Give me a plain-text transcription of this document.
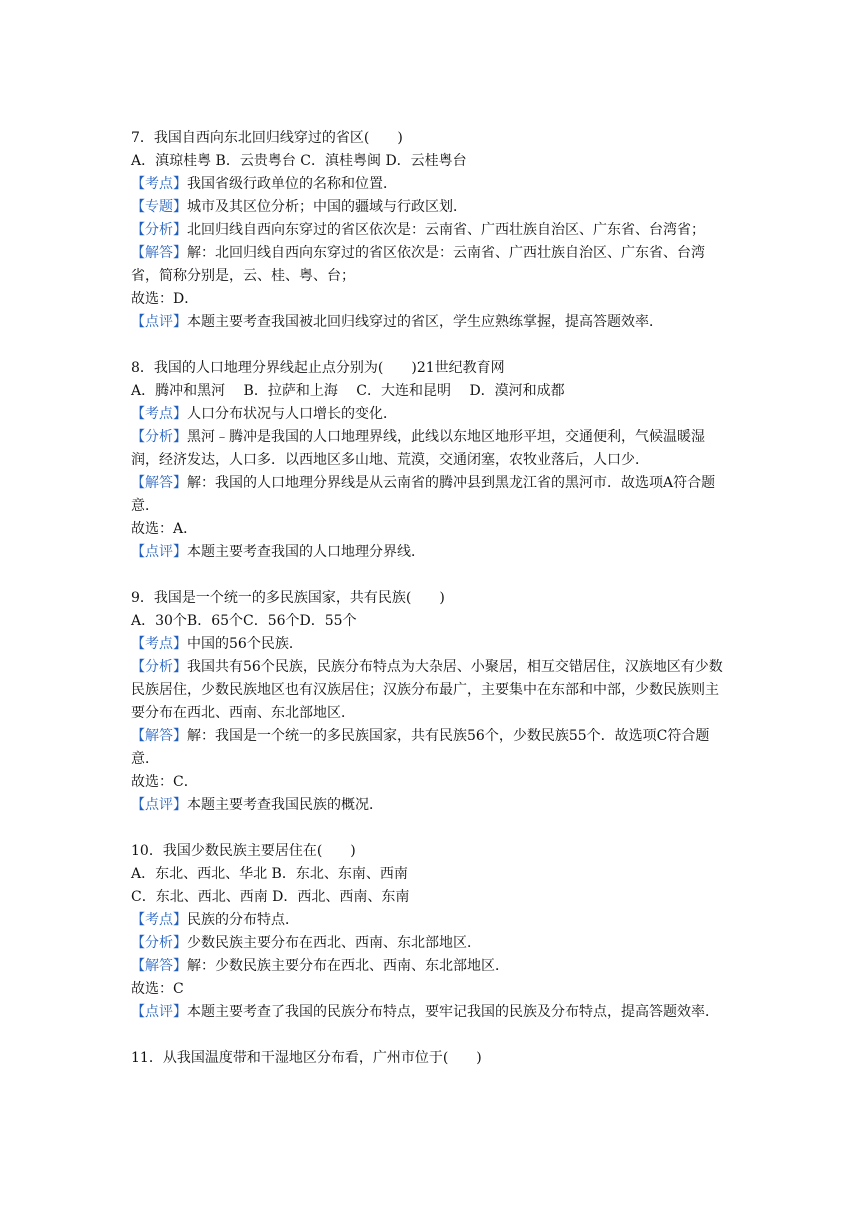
7．我国自西向东北回归线穿过的省区(　　)
A．滇琼桂粤 B．云贵粤台 C．滇桂粤闽 D．云桂粤台
【考点】我国省级行政单位的名称和位置．
【专题】城市及其区位分析；中国的疆域与行政区划．
【分析】北回归线自西向东穿过的省区依次是：云南省、广西壮族自治区、广东省、台湾省；
【解答】解：北回归线自西向东穿过的省区依次是：云南省、广西壮族自治区、广东省、台湾省，简称分别是，云、桂、粤、台；
故选：D．
【点评】本题主要考查我国被北回归线穿过的省区，学生应熟练掌握，提高答题效率．
8．我国的人口地理分界线起止点分别为(　　)21世纪教育网
A．腾冲和黑河　 B．拉萨和上海　 C．大连和昆明　 D．漠河和成都
【考点】人口分布状况与人口增长的变化．
【分析】黑河﹣腾冲是我国的人口地理界线，此线以东地区地形平坦，交通便利，气候温暖湿润，经济发达，人口多．以西地区多山地、荒漠，交通闭塞，农牧业落后，人口少．
【解答】解：我国的人口地理分界线是从云南省的腾冲县到黑龙江省的黑河市．故选项A符合题意．
故选：A．
【点评】本题主要考查我国的人口地理分界线．
9．我国是一个统一的多民族国家，共有民族(　　)
A．30个B．65个C．56个D．55个
【考点】中国的56个民族．
【分析】我国共有56个民族，民族分布特点为大杂居、小聚居，相互交错居住，汉族地区有少数民族居住，少数民族地区也有汉族居住；汉族分布最广，主要集中在东部和中部，少数民族则主要分布在西北、西南、东北部地区．
【解答】解：我国是一个统一的多民族国家，共有民族56个，少数民族55个．故选项C符合题意．
故选：C．
【点评】本题主要考查我国民族的概况．
10．我国少数民族主要居住在(　　)
A．东北、西北、华北 B．东北、东南、西南
C．东北、西北、西南 D．西北、西南、东南
【考点】民族的分布特点．
【分析】少数民族主要分布在西北、西南、东北部地区．
【解答】解：少数民族主要分布在西北、西南、东北部地区．
故选：C
【点评】本题主要考查了我国的民族分布特点，要牢记我国的民族及分布特点，提高答题效率．
11．从我国温度带和干湿地区分布看，广州市位于(　　)
